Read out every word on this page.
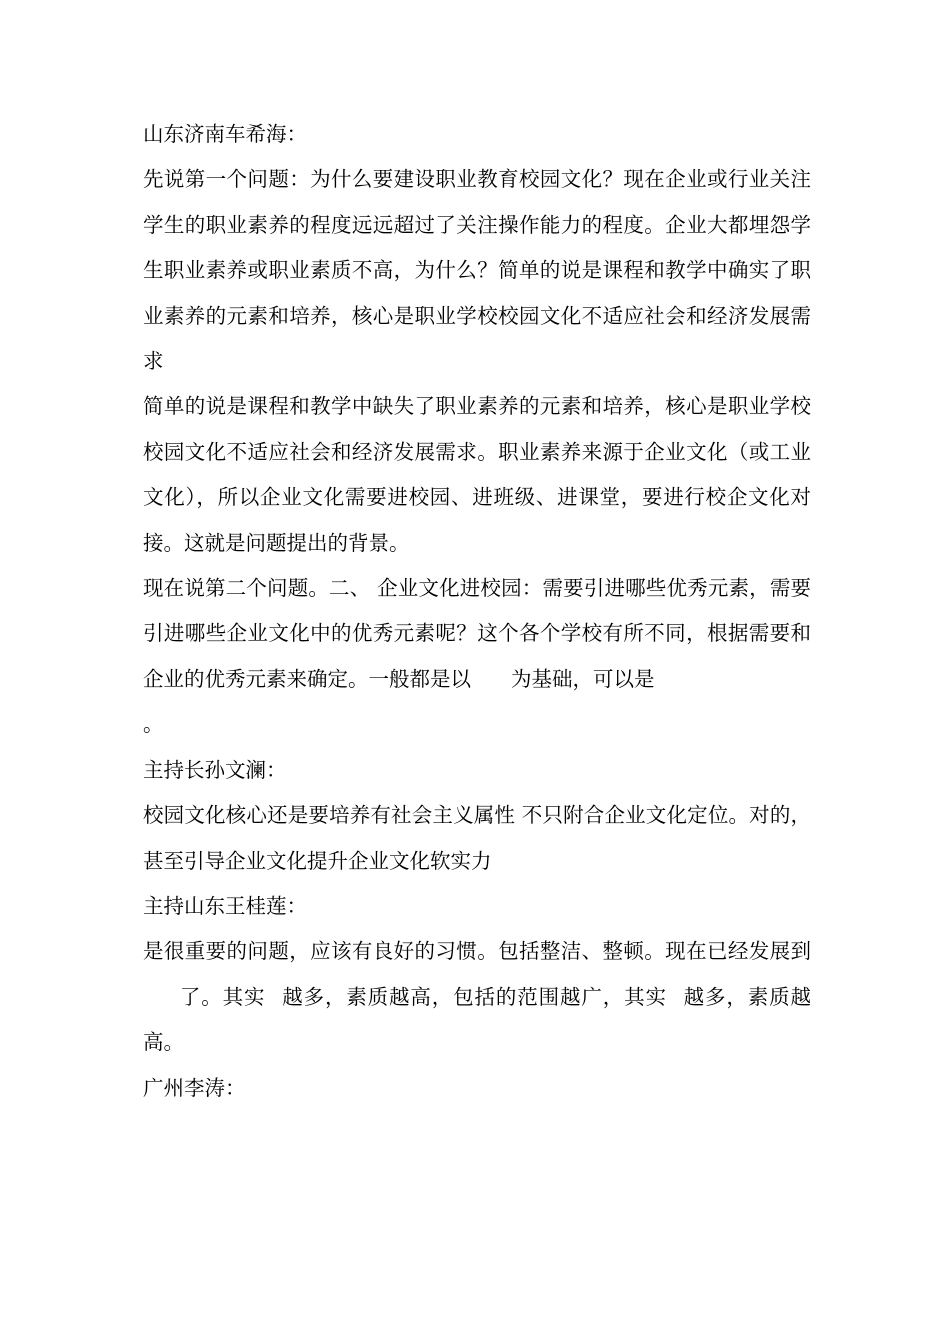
山东济南车希海：

先说第一个问题：为什么要建设职业教育校园文化？现在企业或行业关注学生的职业素养的程度远远超过了关注操作能力的程度。企业大都埋怨学生职业素养或职业素质不高，为什么？简单的说是课程和教学中确实了职业素养的元素和培养，核心是职业学校校园文化不适应社会和经济发展需求

简单的说是课程和教学中缺失了职业素养的元素和培养，核心是职业学校校园文化不适应社会和经济发展需求。职业素养来源于企业文化（或工业文化），所以企业文化需要进校园、进班级、进课堂，要进行校企文化对接。这就是问题提出的背景。

现在说第二个问题。二、 企业文化进校园：需要引进哪些优秀元素，需要引进哪些企业文化中的优秀元素呢？这个各个学校有所不同，根据需要和企业的优秀元素来确定。一般都是以 为基础，可以是

。

主持长孙文澜：

校园文化核心还是要培养有社会主义属性 不只附合企业文化定位。对的，甚至引导企业文化提升企业文化软实力

主持山东王桂莲：

是很重要的问题，应该有良好的习惯。包括整洁、整顿。现在已经发展到了。其实 越多，素质越高，包括的范围越广，其实 越多，素质越高。

广州李涛：
